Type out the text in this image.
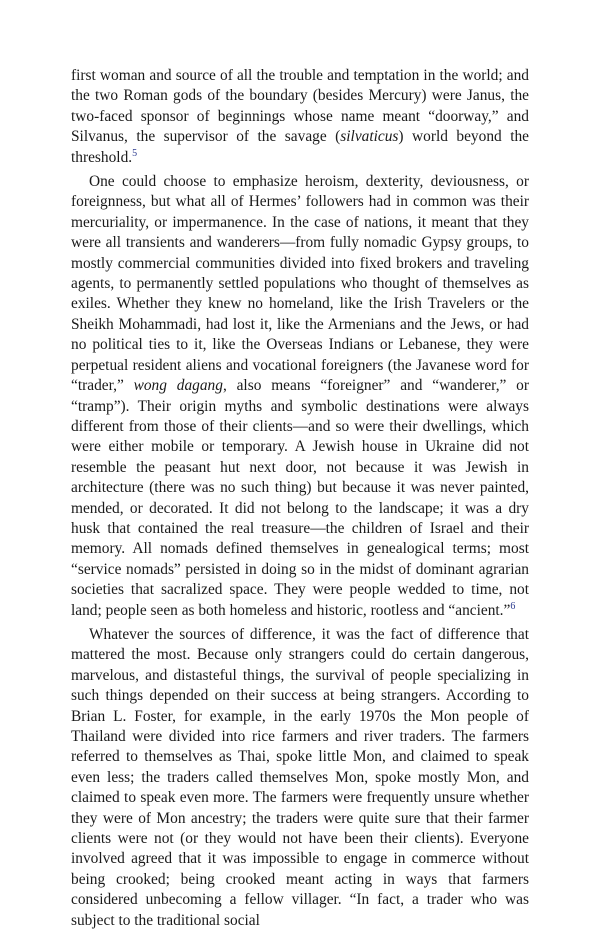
first woman and source of all the trouble and temptation in the world; and the two Roman gods of the boundary (besides Mercury) were Janus, the two-faced sponsor of beginnings whose name meant “doorway,” and Silvanus, the supervisor of the savage (silvaticus) world beyond the threshold.$^5$

One could choose to emphasize heroism, dexterity, deviousness, or foreignness, but what all of Hermes’ followers had in common was their mercuriality, or impermanence. In the case of nations, it meant that they were all transients and wanderers—from fully nomadic Gypsy groups, to mostly commercial communities divided into fixed brokers and traveling agents, to permanently settled populations who thought of themselves as exiles. Whether they knew no homeland, like the Irish Travelers or the Sheikh Mohammadi, had lost it, like the Armenians and the Jews, or had no political ties to it, like the Overseas Indians or Lebanese, they were perpetual resident aliens and vocational foreigners (the Javanese word for “trader,” wong dagang, also means “foreigner” and “wanderer,” or “tramp”). Their origin myths and symbolic destinations were always different from those of their clients—and so were their dwellings, which were either mobile or temporary. A Jewish house in Ukraine did not resemble the peasant hut next door, not because it was Jewish in architecture (there was no such thing) but because it was never painted, mended, or decorated. It did not belong to the landscape; it was a dry husk that contained the real treasure—the children of Israel and their memory. All nomads defined themselves in genealogical terms; most “service nomads” persisted in doing so in the midst of dominant agrarian societies that sacralized space. They were people wedded to time, not land; people seen as both homeless and historic, rootless and “ancient.”$^6$

Whatever the sources of difference, it was the fact of difference that mattered the most. Because only strangers could do certain dangerous, marvelous, and distasteful things, the survival of people specializing in such things depended on their success at being strangers. According to Brian L. Foster, for example, in the early 1970s the Mon people of Thailand were divided into rice farmers and river traders. The farmers referred to themselves as Thai, spoke little Mon, and claimed to speak even less; the traders called themselves Mon, spoke mostly Mon, and claimed to speak even more. The farmers were frequently unsure whether they were of Mon ancestry; the traders were quite sure that their farmer clients were not (or they would not have been their clients). Everyone involved agreed that it was impossible to engage in commerce without being crooked; being crooked meant acting in ways that farmers considered unbecoming a fellow villager. “In fact, a trader who was subject to the traditional social
